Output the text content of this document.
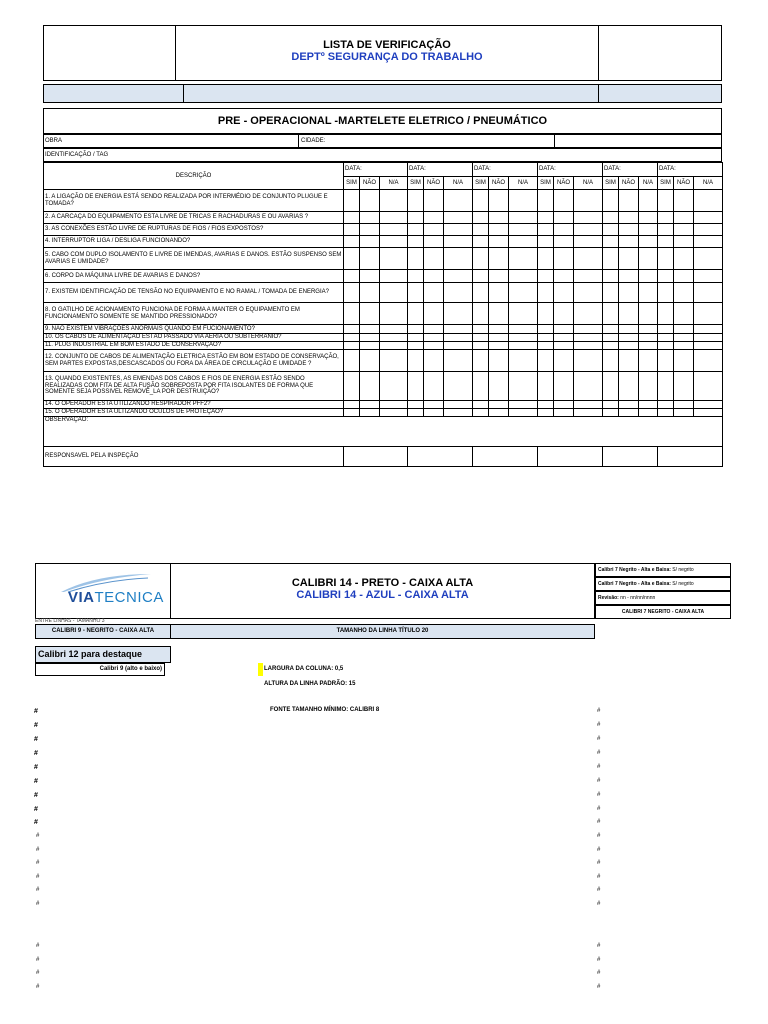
LISTA DE VERIFICAÇÃO
DEPTº SEGURANÇA DO TRABALHO
PRE - OPERACIONAL -MARTELETE ELETRICO / PNEUMÁTICO
OBRA	CIDADE:
IDENTIFICAÇÃO / TAG
DESCRIÇÃO	DATA:			DATA:			DATA:			DATA:			DATA:			DATA:		
	SIM	NÃO	N/A	SIM	NÃO	N/A	SIM	NÃO	N/A	SIM	NÃO	N/A	SIM	NÃO	N/A	SIM	NÃO	N/A
1. A LIGAÇÃO DE ENERGIA ESTÁ SENDO REALIZADA POR INTERMÉDIO DE CONJUNTO PLUGUE E TOMADA?																		
2. A CARCAÇA DO EQUIPAMENTO ESTA LIVRE DE TRICAS E RACHADURAS E OU AVARIAS ?																		
3. AS CONEXÕES ESTÃO LIVRE DE RUPTURAS DE FIOS / FIOS EXPOSTOS?																		
4. INTERRUPTOR LIGA / DESLIGA FUNCIONANDO?																		
5. CABO COM DUPLO ISOLAMENTO E LIVRE DE IMENDAS, AVARIAS E DANOS. ESTÃO SUSPENSO SEM AVARIAS E UMIDADE?																		
6. CORPO DA MÁQUINA LIVRE DE AVARIAS E DANOS?																		
7. EXISTEM IDENTIFICAÇÃO DE TENSÃO NO EQUIPAMENTO E NO RAMAL / TOMADA DE ENERGIA?																		
8. O GATILHO DE ACIONAMENTO FUNCIONA DE FORMA A MANTER O EQUIPAMENTO EM FUNCIONAMENTO SOMENTE SE MANTIDO PRESSIONADO?																		
9. NÃO EXISTEM VIBRAÇOES ANORMAIS QUANDO EM FUCIONAMENTO?																		
10. OS CABOS DE ALIMENTAÇÃO ESTÃO PASSADO VIA AERIA OU SUBTERRANIO?																		
11. PLUG INDUSTRIAL EM BOM ESTADO DE CONSERVAÇÃO?																		
12. CONJUNTO DE CABOS DE ALIMENTAÇÃO ELETRICA ESTÃO EM BOM ESTADO DE CONSERVAÇÃO, SEM PARTES EXPOSTAS,DESCASCADOS OU FORA DA ÁREA DE CIRCULAÇÃO E UMIDADE ?																		
13. QUANDO EXISTENTES, AS EMENDAS DOS CABOS E FIOS DE ENERGIA ESTÃO SENDO REALIZADAS COM FITA DE ALTA FUSÃO SOBREPOSTA POR FITA ISOLANTES DE FORMA QUE SOMENTE SEJA POSSIVEL REMOVÊ_LA POR DESTRUIÇÃO?																		
14. O OPERADOR ESTA UTILIZANDO RESPIRADOR PFF2?																		
15. O OPERADOR ESTA ULTIZANDO OCULOS DE PROTEÇÃO?																		
OBSERVAÇÃO:																		
RESPONSAVEL PELA INSPEÇÃO																		
VIATECNICA
CALIBRI 14 - PRETO - CAIXA ALTA
CALIBRI 14 - AZUL - CAIXA ALTA
Calibri 7 Negrito - Alta e Baixa: S/ negrito
Calibri 7 Negrito - Alta e Baixa: S/ negrito
Revisão: nn - nn/nn/nnnn
CALIBRI 7 NEGRITO - CAIXA ALTA
ENTRE LINHAS - TAMANHO 3
CALIBRI 9 - NEGRITO - CAIXA ALTA	TAMANHO DA LINHA TÍTULO 20
Calibri 12 para destaque
Calibri 9 (alto e baixo)	LARGURA DA COLUNA: 0,5
ALTURA DA LINHA PADRÃO: 15
FONTE TAMANHO MÍNIMO: CALIBRI 8
#
#
#
#
#
#
#
#
#
#
#
#
#
#
#
#
#
#
#
#
#
#
#
#
#
#
#
#
#
#
#
#
#
#
#
#
#
#
